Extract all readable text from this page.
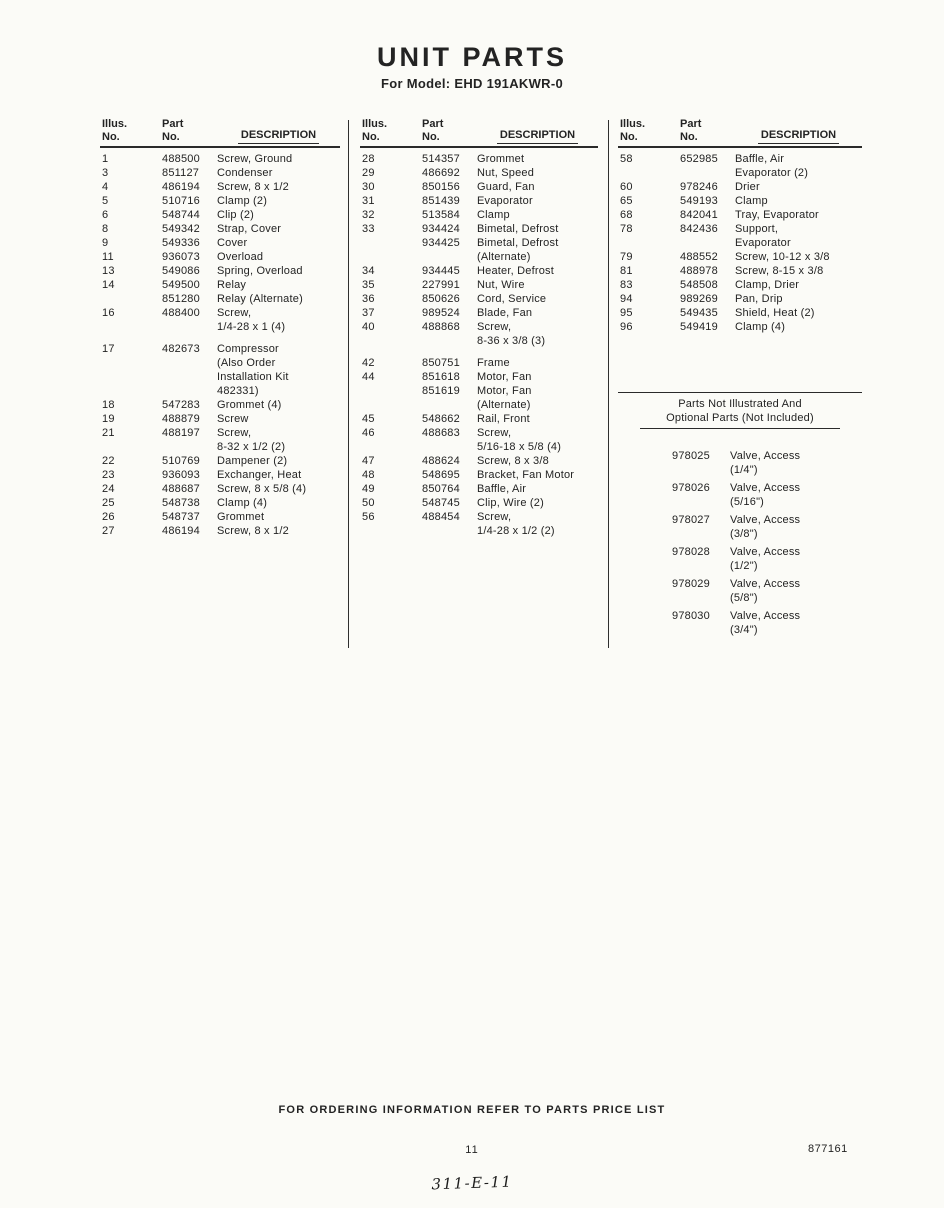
UNIT PARTS
For Model: EHD 191AKWR-0
Illus.
No.
Part
No.	DESCRIPTION
1	488500	Screw, Ground
3	851127	Condenser
4	486194	Screw, 8 x 1/2
5	510716	Clamp (2)
6	548744	Clip (2)
8	549342	Strap, Cover
9	549336	Cover
11	936073	Overload
13	549086	Spring, Overload
14	549500	Relay
851280	Relay (Alternate)
16	488400	Screw,
1/4-28 x 1 (4)
17	482673	Compressor
(Also Order
Installation Kit
482331)
18	547283	Grommet (4)
19	488879	Screw
21	488197	Screw,
8-32 x 1/2 (2)
22	510769	Dampener (2)
23	936093	Exchanger, Heat
24	488687	Screw, 8 x 5/8 (4)
25	548738	Clamp (4)
26	548737	Grommet
27	486194	Screw, 8 x 1/2
Illus.
No.
Part
No.	DESCRIPTION
28	514357	Grommet
29	486692	Nut, Speed
30	850156	Guard, Fan
31	851439	Evaporator
32	513584	Clamp
33	934424	Bimetal, Defrost
934425	Bimetal, Defrost
(Alternate)
34	934445	Heater, Defrost
35	227991	Nut, Wire
36	850626	Cord, Service
37	989524	Blade, Fan
40	488868	Screw,
8-36 x 3/8 (3)
42	850751	Frame
44	851618	Motor, Fan
851619	Motor, Fan
(Alternate)
45	548662	Rail, Front
46	488683	Screw,
5/16-18 x 5/8 (4)
47	488624	Screw, 8 x 3/8
48	548695	Bracket, Fan Motor
49	850764	Baffle, Air
50	548745	Clip, Wire (2)
56	488454	Screw,
1/4-28 x 1/2 (2)
Illus.
No.
Part
No.	DESCRIPTION
58	652985	Baffle, Air
Evaporator (2)
60	978246	Drier
65	549193	Clamp
68	842041	Tray, Evaporator
78	842436	Support,
Evaporator
79	488552	Screw, 10-12 x 3/8
81	488978	Screw, 8-15 x 3/8
83	548508	Clamp, Drier
94	989269	Pan, Drip
95	549435	Shield, Heat (2)
96	549419	Clamp (4)
Parts Not Illustrated And
Optional Parts (Not Included)
978025	Valve, Access
(1/4")
978026	Valve, Access
(5/16")
978027	Valve, Access
(3/8")
978028	Valve, Access
(1/2")
978029	Valve, Access
(5/8")
978030	Valve, Access
(3/4")
FOR ORDERING INFORMATION REFER TO PARTS PRICE LIST
11	877161
311-E-11
